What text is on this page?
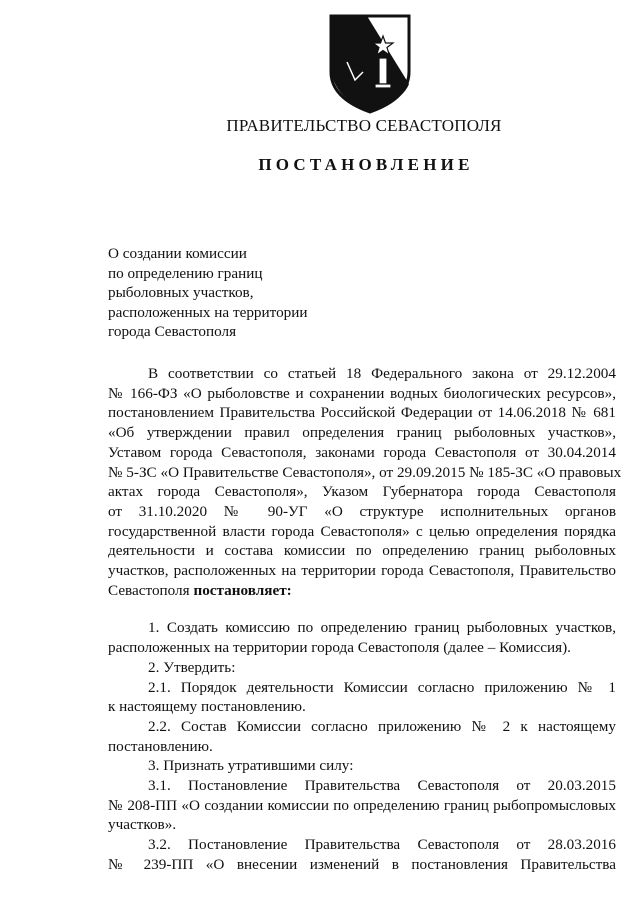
ПРАВИТЕЛЬСТВО СЕВАСТОПОЛЯ
ПОСТАНОВЛЕНИЕ
О создании комиссии
по определению границ
рыболовных участков,
расположенных на территории
города Севастополя
В соответствии со статьей 18 Федерального закона от 29.12.2004
№ 166-ФЗ «О рыболовстве и сохранении водных биологических ресурсов»,
постановлением Правительства Российской Федерации от 14.06.2018 № 681
«Об утверждении правил определения границ рыболовных участков»,
Уставом города Севастополя, законами города Севастополя от 30.04.2014
№ 5-ЗС «О Правительстве Севастополя», от 29.09.2015 № 185-ЗС «О правовых
актах города Севастополя», Указом Губернатора города Севастополя
от 31.10.2020 № 90-УГ «О структуре исполнительных органов
государственной власти города Севастополя» с целью определения порядка
деятельности и состава комиссии по определению границ рыболовных
участков, расположенных на территории города Севастополя, Правительство
Севастополя постановляет:
1. Создать комиссию по определению границ рыболовных участков,
расположенных на территории города Севастополя (далее – Комиссия).
2. Утвердить:
2.1. Порядок деятельности Комиссии согласно приложению № 1
к настоящему постановлению.
2.2. Состав Комиссии согласно приложению № 2 к настоящему
постановлению.
3. Признать утратившими силу:
3.1. Постановление Правительства Севастополя от 20.03.2015
№ 208-ПП «О создании комиссии по определению границ рыбопромысловых
участков».
3.2. Постановление Правительства Севастополя от 28.03.2016
№ 239-ПП «О внесении изменений в постановления Правительства
